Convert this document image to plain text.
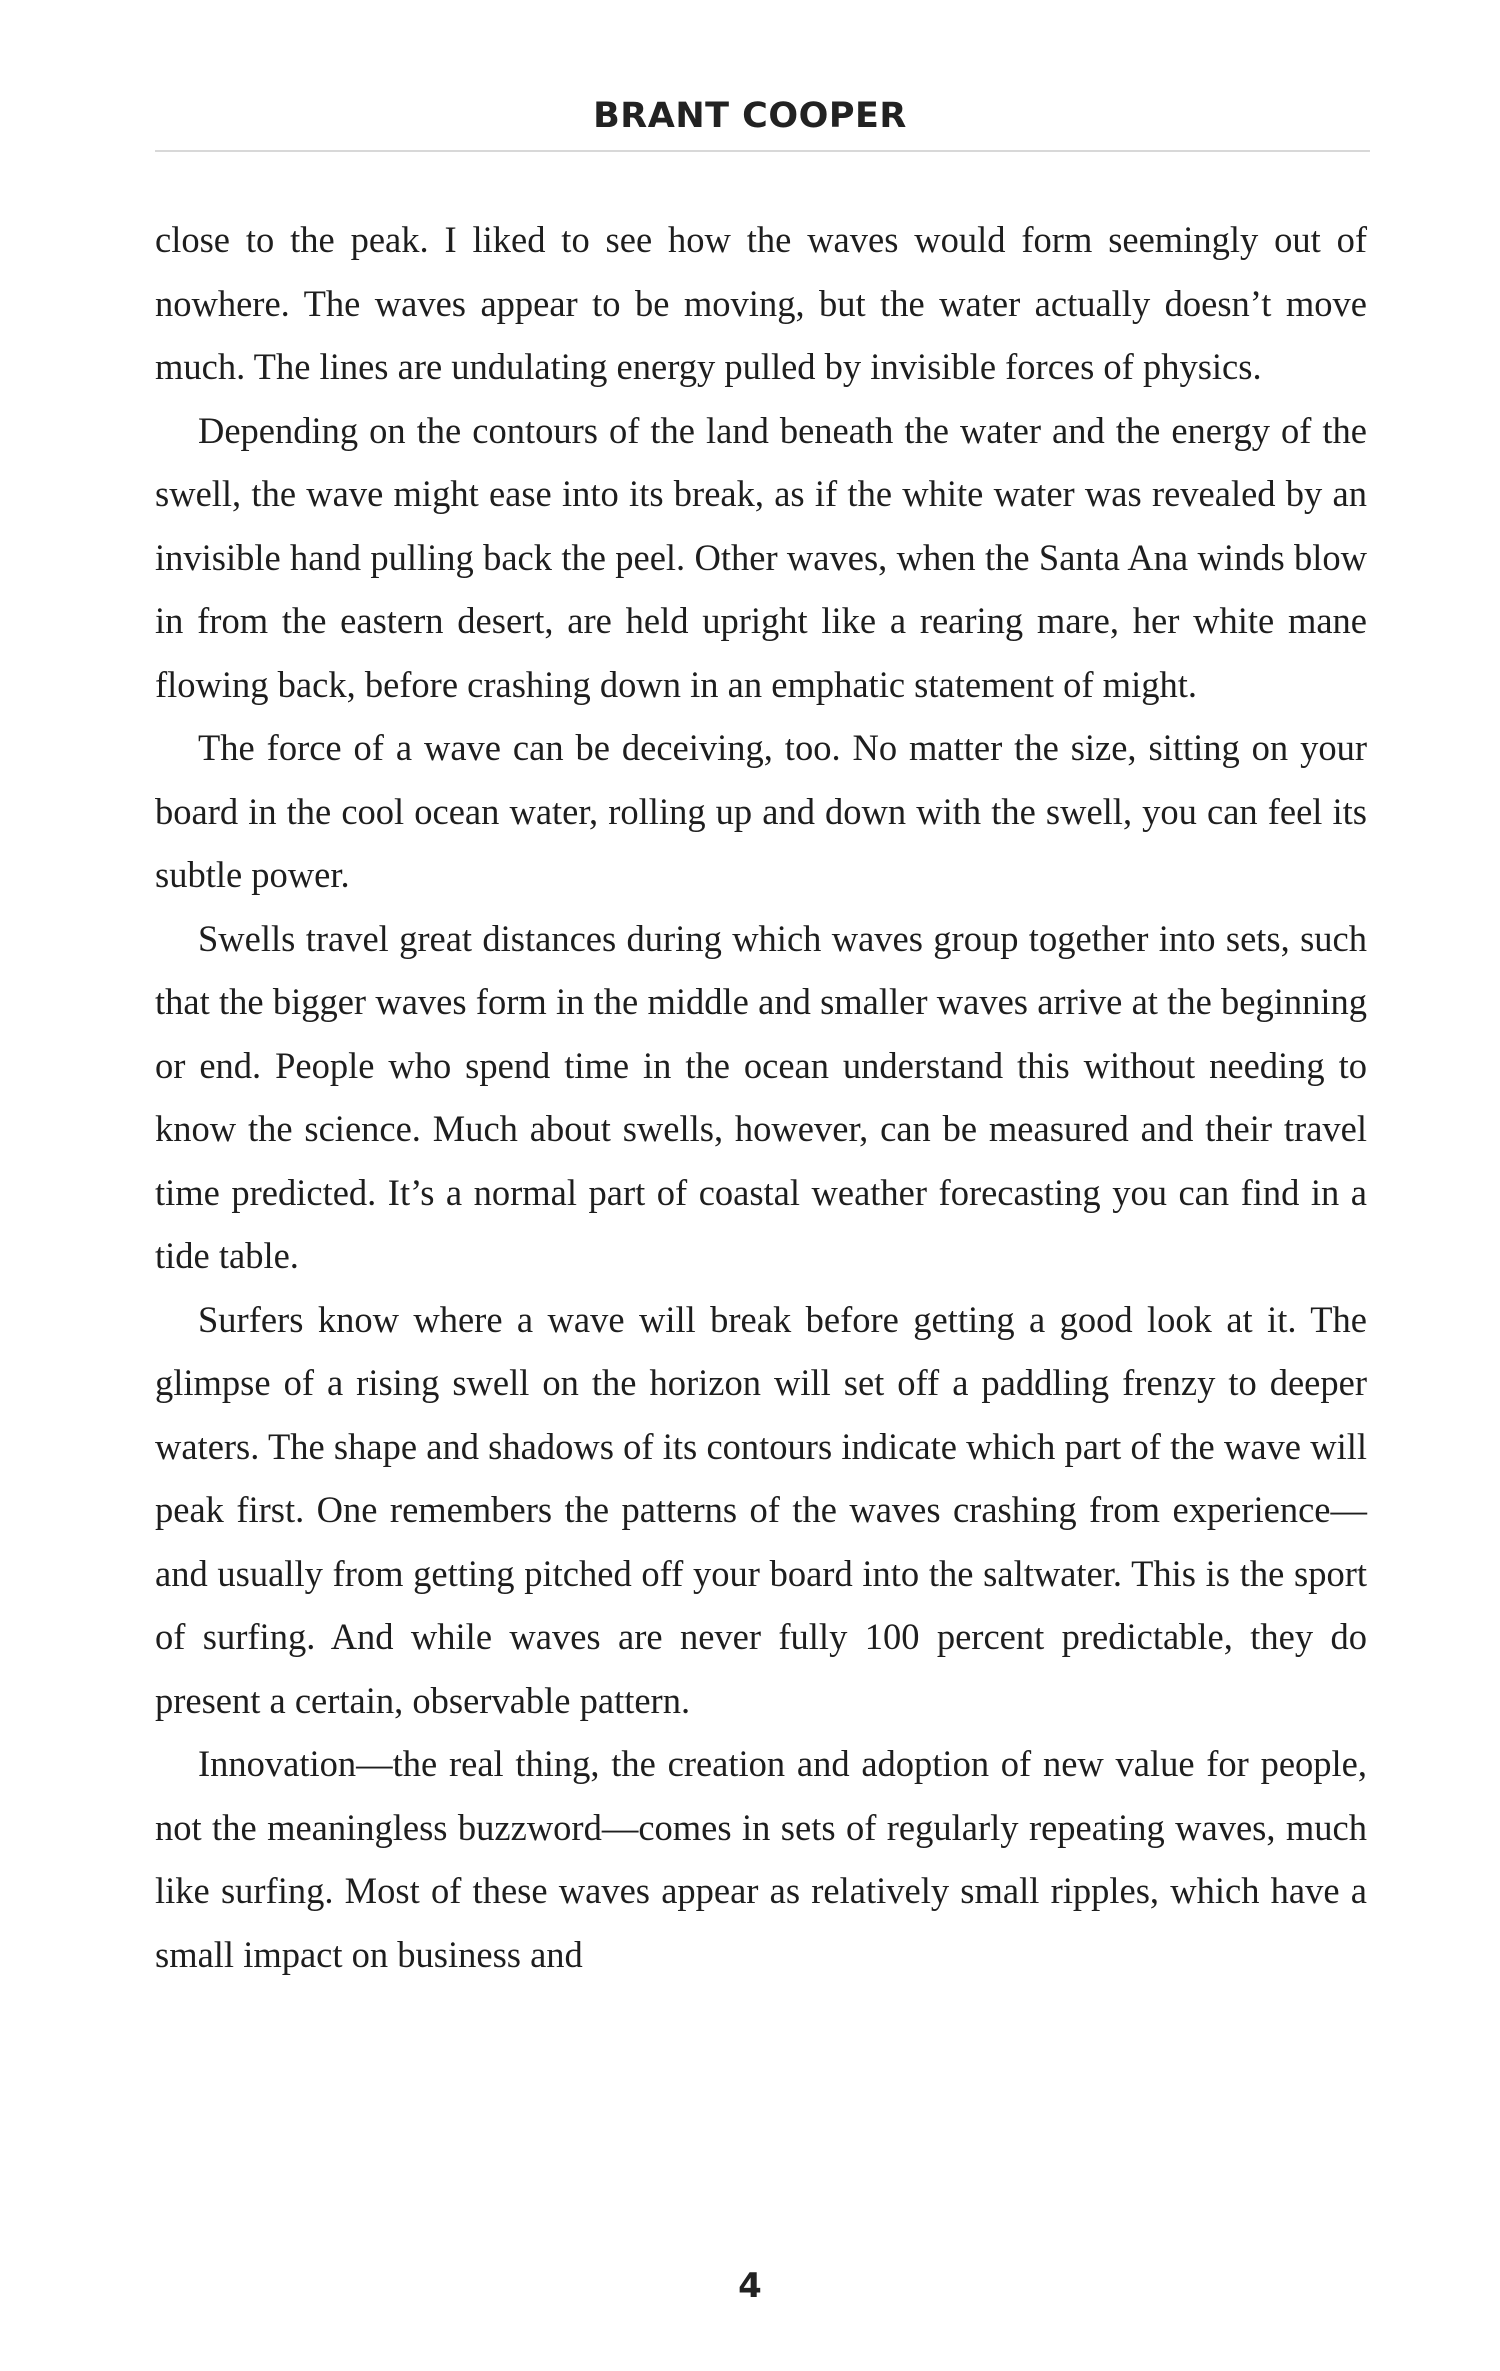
BRANT COOPER

close to the peak. I liked to see how the waves would form seemingly out of nowhere. The waves appear to be moving, but the water actually doesn’t move much. The lines are undulating energy pulled by invisible forces of physics.

Depending on the contours of the land beneath the water and the energy of the swell, the wave might ease into its break, as if the white water was revealed by an invisible hand pulling back the peel. Other waves, when the Santa Ana winds blow in from the eastern desert, are held upright like a rearing mare, her white mane flowing back, before crashing down in an emphatic statement of might.

The force of a wave can be deceiving, too. No matter the size, sitting on your board in the cool ocean water, rolling up and down with the swell, you can feel its subtle power.

Swells travel great distances during which waves group together into sets, such that the bigger waves form in the middle and smaller waves arrive at the beginning or end. People who spend time in the ocean understand this without needing to know the science. Much about swells, however, can be measured and their travel time predicted. It’s a normal part of coastal weather forecasting you can find in a tide table.

Surfers know where a wave will break before getting a good look at it. The glimpse of a rising swell on the horizon will set off a paddling frenzy to deeper waters. The shape and shadows of its contours indicate which part of the wave will peak first. One remembers the patterns of the waves crashing from experience—and usually from getting pitched off your board into the saltwater. This is the sport of surfing. And while waves are never fully 100 percent predictable, they do present a certain, observable pattern.

Innovation—the real thing, the creation and adoption of new value for people, not the meaningless buzzword—comes in sets of regularly repeating waves, much like surfing. Most of these waves appear as relatively small ripples, which have a small impact on business and

4
